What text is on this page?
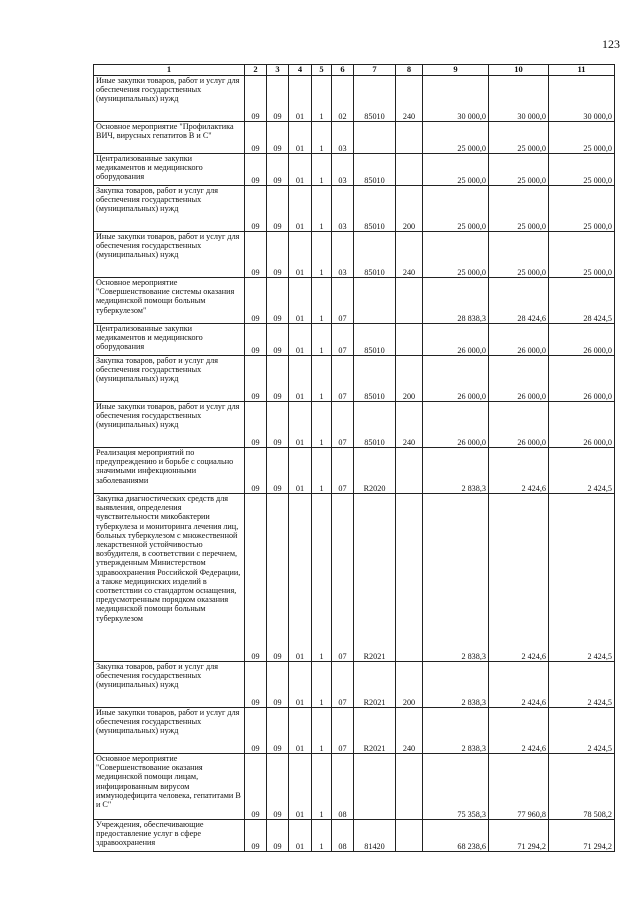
123
1	2	3	4	5	6	7	8	9	10	11
Иные закупки товаров, работ и услуг для обеспечения государственных (муниципальных) нужд	09	09	01	1	02	85010	240	30 000,0	30 000,0	30 000,0
Основное мероприятие "Профилактика ВИЧ, вирусных гепатитов В и С"	09	09	01	1	03			25 000,0	25 000,0	25 000,0
Централизованные закупки медикаментов и медицинского оборудования	09	09	01	1	03	85010		25 000,0	25 000,0	25 000,0
Закупка товаров, работ и услуг для обеспечения государственных (муниципальных) нужд	09	09	01	1	03	85010	200	25 000,0	25 000,0	25 000,0
Иные закупки товаров, работ и услуг для обеспечения государственных (муниципальных) нужд	09	09	01	1	03	85010	240	25 000,0	25 000,0	25 000,0
Основное мероприятие "Совершенствование системы оказания медицинской помощи больным туберкулезом"	09	09	01	1	07			28 838,3	28 424,6	28 424,5
Централизованные закупки медикаментов и медицинского оборудования	09	09	01	1	07	85010		26 000,0	26 000,0	26 000,0
Закупка товаров, работ и услуг для обеспечения государственных (муниципальных) нужд	09	09	01	1	07	85010	200	26 000,0	26 000,0	26 000,0
Иные закупки товаров, работ и услуг для обеспечения государственных (муниципальных) нужд	09	09	01	1	07	85010	240	26 000,0	26 000,0	26 000,0
Реализация мероприятий по предупреждению и борьбе с социально значимыми инфекционными заболеваниями	09	09	01	1	07	R2020		2 838,3	2 424,6	2 424,5
Закупка диагностических средств для выявления, определения чувствительности микобактерии туберкулеза и мониторинга лечения лиц, больных туберкулезом с множественной лекарственной устойчивостью возбудителя, в соответствии с перечнем, утвержденным Министерством здравоохранения Российской Федерации, а также медицинских изделий в соответствии со стандартом оснащения, предусмотренным порядком оказания медицинской помощи больным туберкулезом	09	09	01	1	07	R2021		2 838,3	2 424,6	2 424,5
Закупка товаров, работ и услуг для обеспечения государственных (муниципальных) нужд	09	09	01	1	07	R2021	200	2 838,3	2 424,6	2 424,5
Иные закупки товаров, работ и услуг для обеспечения государственных (муниципальных) нужд	09	09	01	1	07	R2021	240	2 838,3	2 424,6	2 424,5
Основное мероприятие "Совершенствование оказания медицинской помощи лицам, инфицированным вирусом иммунодефицита человека, гепатитами В и С"	09	09	01	1	08			75 358,3	77 960,8	78 508,2
Учреждения, обеспечивающие предоставление услуг в сфере здравоохранения	09	09	01	1	08	81420		68 238,6	71 294,2	71 294,2
